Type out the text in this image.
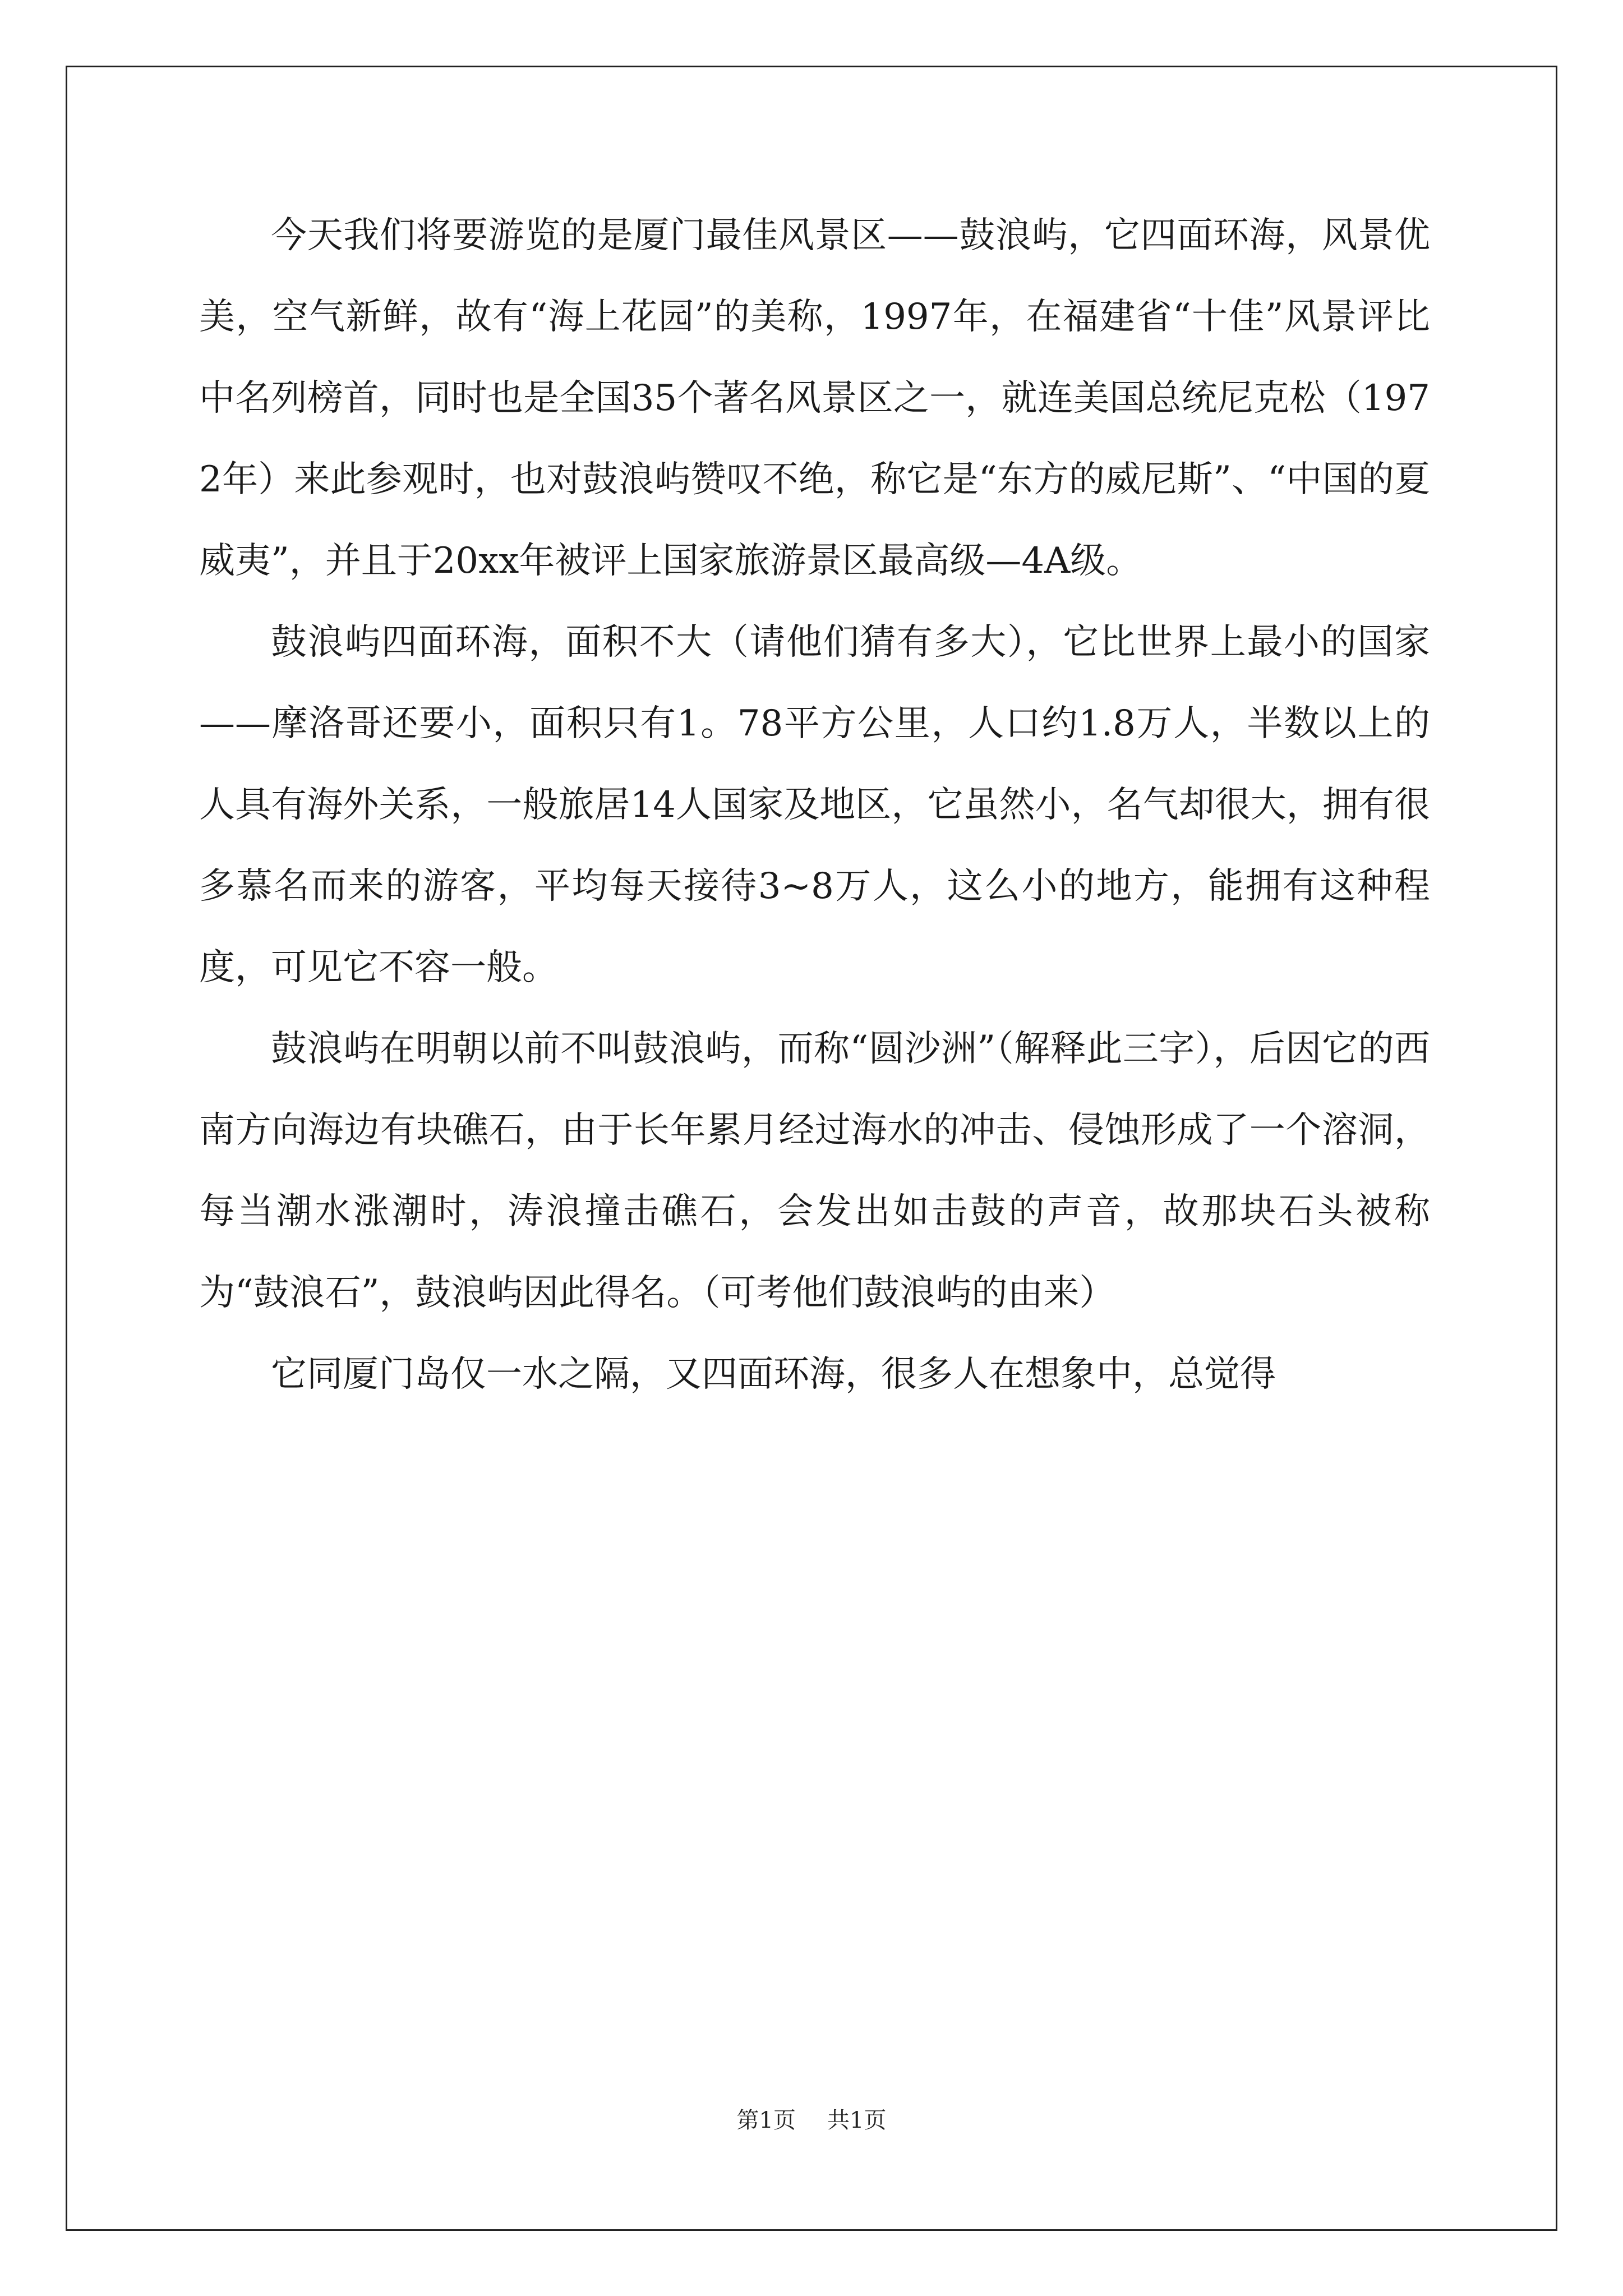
今天我们将要游览的是厦门最佳风景区——鼓浪屿，它四面环海，风景优美，空气新鲜，故有“海上花园”的美称，1997年，在福建省“十佳”风景评比中名列榜首，同时也是全国35个著名风景区之一，就连美国总统尼克松（1972年）来此参观时，也对鼓浪屿赞叹不绝，称它是“东方的威尼斯”、“中国的夏威夷”，并且于20xx年被评上国家旅游景区最高级—4A级。

鼓浪屿四面环海，面积不大（请他们猜有多大），它比世界上最小的国家——摩洛哥还要小，面积只有1。78平方公里，人口约1.8万人，半数以上的人具有海外关系，一般旅居14人国家及地区，它虽然小，名气却很大，拥有很多慕名而来的游客，平均每天接待3~8万人，这么小的地方，能拥有这种程度，可见它不容一般。

鼓浪屿在明朝以前不叫鼓浪屿，而称“圆沙洲”（解释此三字），后因它的西南方向海边有块礁石，由于长年累月经过海水的冲击、侵蚀形成了一个溶洞，每当潮水涨潮时，涛浪撞击礁石，会发出如击鼓的声音，故那块石头被称为“鼓浪石”，鼓浪屿因此得名。（可考他们鼓浪屿的由来）

它同厦门岛仅一水之隔，又四面环海，很多人在想象中，总觉得

第1页 共1页
